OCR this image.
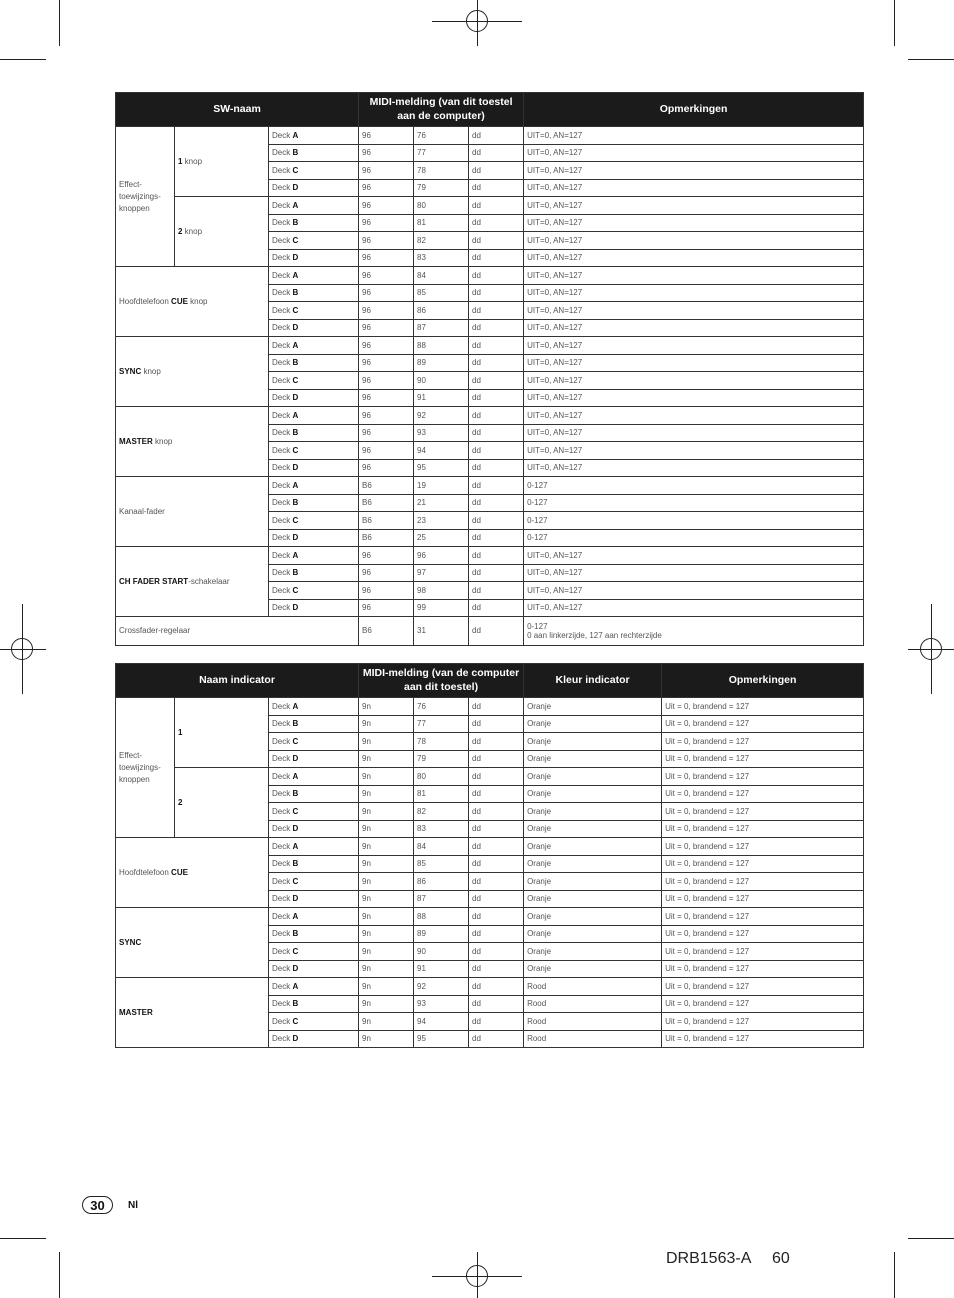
SW-naam			MIDI-melding (van dit toestel aan de computer)			Opmerkingen
Effect-
toewijzings-
knoppen	1 knop	Deck A	96	76	dd	UIT=0, AN=127
		Deck B	96	77	dd	UIT=0, AN=127
		Deck C	96	78	dd	UIT=0, AN=127
		Deck D	96	79	dd	UIT=0, AN=127
	2 knop	Deck A	96	80	dd	UIT=0, AN=127
		Deck B	96	81	dd	UIT=0, AN=127
		Deck C	96	82	dd	UIT=0, AN=127
		Deck D	96	83	dd	UIT=0, AN=127
Hoofdtelefoon CUE knop		Deck A	96	84	dd	UIT=0, AN=127
		Deck B	96	85	dd	UIT=0, AN=127
		Deck C	96	86	dd	UIT=0, AN=127
		Deck D	96	87	dd	UIT=0, AN=127
SYNC knop		Deck A	96	88	dd	UIT=0, AN=127
		Deck B	96	89	dd	UIT=0, AN=127
		Deck C	96	90	dd	UIT=0, AN=127
		Deck D	96	91	dd	UIT=0, AN=127
MASTER knop		Deck A	96	92	dd	UIT=0, AN=127
		Deck B	96	93	dd	UIT=0, AN=127
		Deck C	96	94	dd	UIT=0, AN=127
		Deck D	96	95	dd	UIT=0, AN=127
Kanaal-fader		Deck A	B6	19	dd	0-127
		Deck B	B6	21	dd	0-127
		Deck C	B6	23	dd	0-127
		Deck D	B6	25	dd	0-127
CH FADER START-schakelaar		Deck A	96	96	dd	UIT=0, AN=127
		Deck B	96	97	dd	UIT=0, AN=127
		Deck C	96	98	dd	UIT=0, AN=127
		Deck D	96	99	dd	UIT=0, AN=127
Crossfader-regelaar			B6	31	dd	0-127
0 aan linkerzijde, 127 aan rechterzijde
Naam indicator			MIDI-melding (van de computer aan dit toestel)			Kleur indicator	Opmerkingen
Effect-
toewijzings-
knoppen	1	Deck A	9n	76	dd	Oranje	Uit = 0, brandend = 127
		Deck B	9n	77	dd	Oranje	Uit = 0, brandend = 127
		Deck C	9n	78	dd	Oranje	Uit = 0, brandend = 127
		Deck D	9n	79	dd	Oranje	Uit = 0, brandend = 127
	2	Deck A	9n	80	dd	Oranje	Uit = 0, brandend = 127
		Deck B	9n	81	dd	Oranje	Uit = 0, brandend = 127
		Deck C	9n	82	dd	Oranje	Uit = 0, brandend = 127
		Deck D	9n	83	dd	Oranje	Uit = 0, brandend = 127
Hoofdtelefoon CUE		Deck A	9n	84	dd	Oranje	Uit = 0, brandend = 127
		Deck B	9n	85	dd	Oranje	Uit = 0, brandend = 127
		Deck C	9n	86	dd	Oranje	Uit = 0, brandend = 127
		Deck D	9n	87	dd	Oranje	Uit = 0, brandend = 127
SYNC		Deck A	9n	88	dd	Oranje	Uit = 0, brandend = 127
		Deck B	9n	89	dd	Oranje	Uit = 0, brandend = 127
		Deck C	9n	90	dd	Oranje	Uit = 0, brandend = 127
		Deck D	9n	91	dd	Oranje	Uit = 0, brandend = 127
MASTER		Deck A	9n	92	dd	Rood	Uit = 0, brandend = 127
		Deck B	9n	93	dd	Rood	Uit = 0, brandend = 127
		Deck C	9n	94	dd	Rood	Uit = 0, brandend = 127
		Deck D	9n	95	dd	Rood	Uit = 0, brandend = 127
30	Nl
DRB1563-A 60
